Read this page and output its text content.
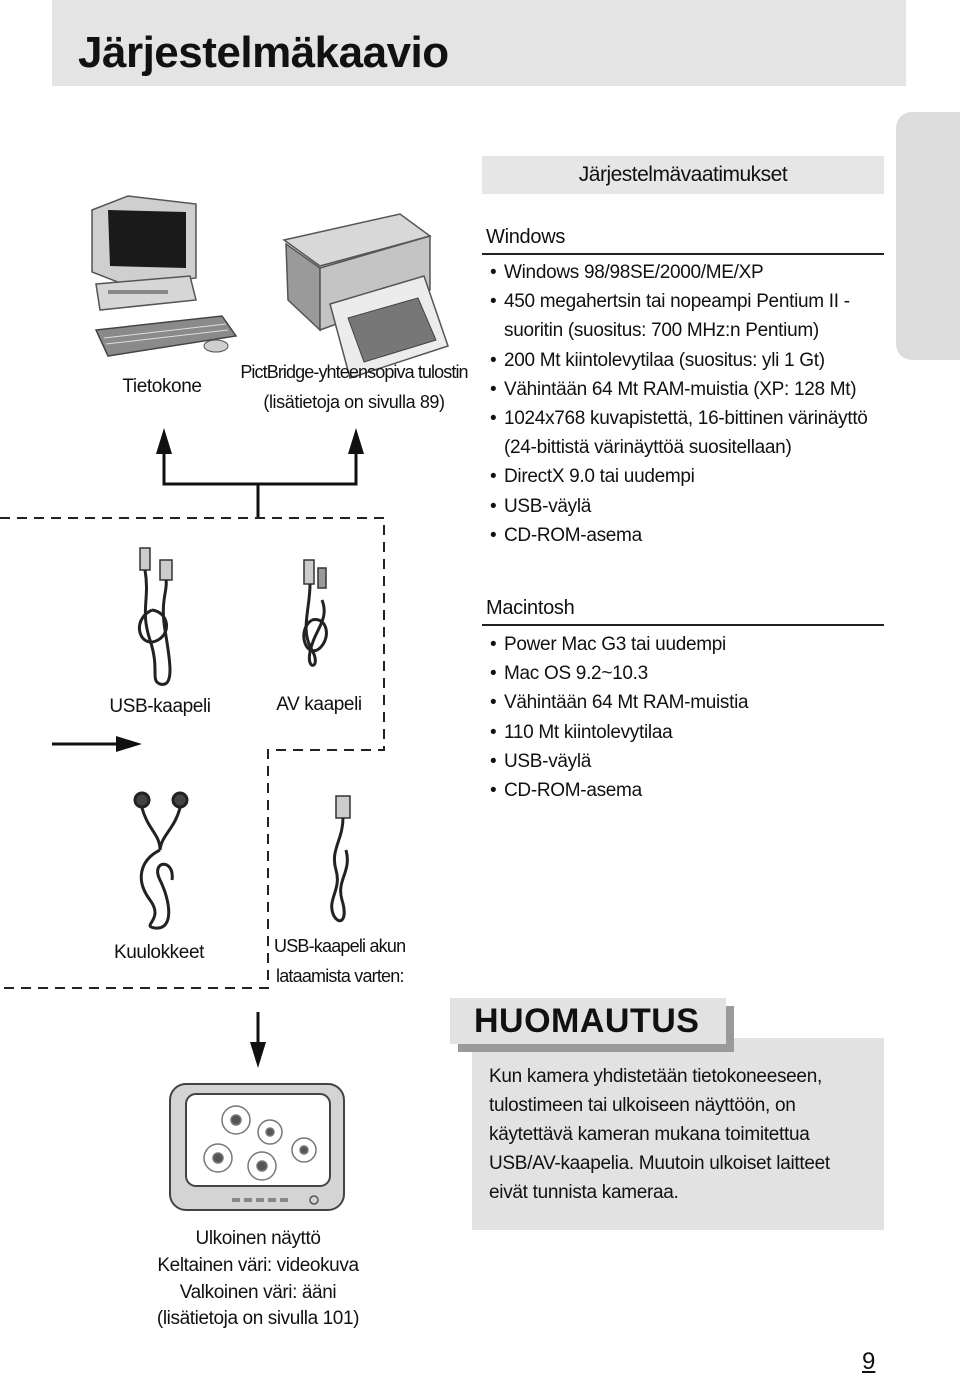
Järjestelmäkaavio
Tietokone
PictBridge-yhteensopiva tulostin
(lisätietoja on sivulla 89)
USB-kaapeli	AV kaapeli
Kuulokkeet	USB-kaapeli akun
lataamista varten:
Ulkoinen näyttö
Keltainen väri: videokuva
Valkoinen väri: ääni
(lisätietoja on sivulla 101)
Järjestelmävaatimukset
Windows
• Windows 98/98SE/2000/ME/XP
• 450 megahertsin tai nopeampi Pentium II - suoritin (suositus: 700 MHz:n Pentium)
• 200 Mt kiintolevytilaa (suositus: yli 1 Gt)
• Vähintään 64 Mt RAM-muistia (XP: 128 Mt)
• 1024x768 kuvapistettä, 16-bittinen värinäyttö (24-bittistä värinäyttöä suositellaan)
• DirectX 9.0 tai uudempi
• USB-väylä
• CD-ROM-asema
Macintosh
• Power Mac G3 tai uudempi
• Mac OS 9.2~10.3
• Vähintään 64 Mt RAM-muistia
• 110 Mt kiintolevytilaa
• USB-väylä
• CD-ROM-asema
HUOMAUTUS
Kun kamera yhdistetään tietokoneeseen, tulostimeen tai ulkoiseen näyttöön, on käytettävä kameran mukana toimitettua USB/AV-kaapelia. Muutoin ulkoiset laitteet eivät tunnista kameraa.
9
